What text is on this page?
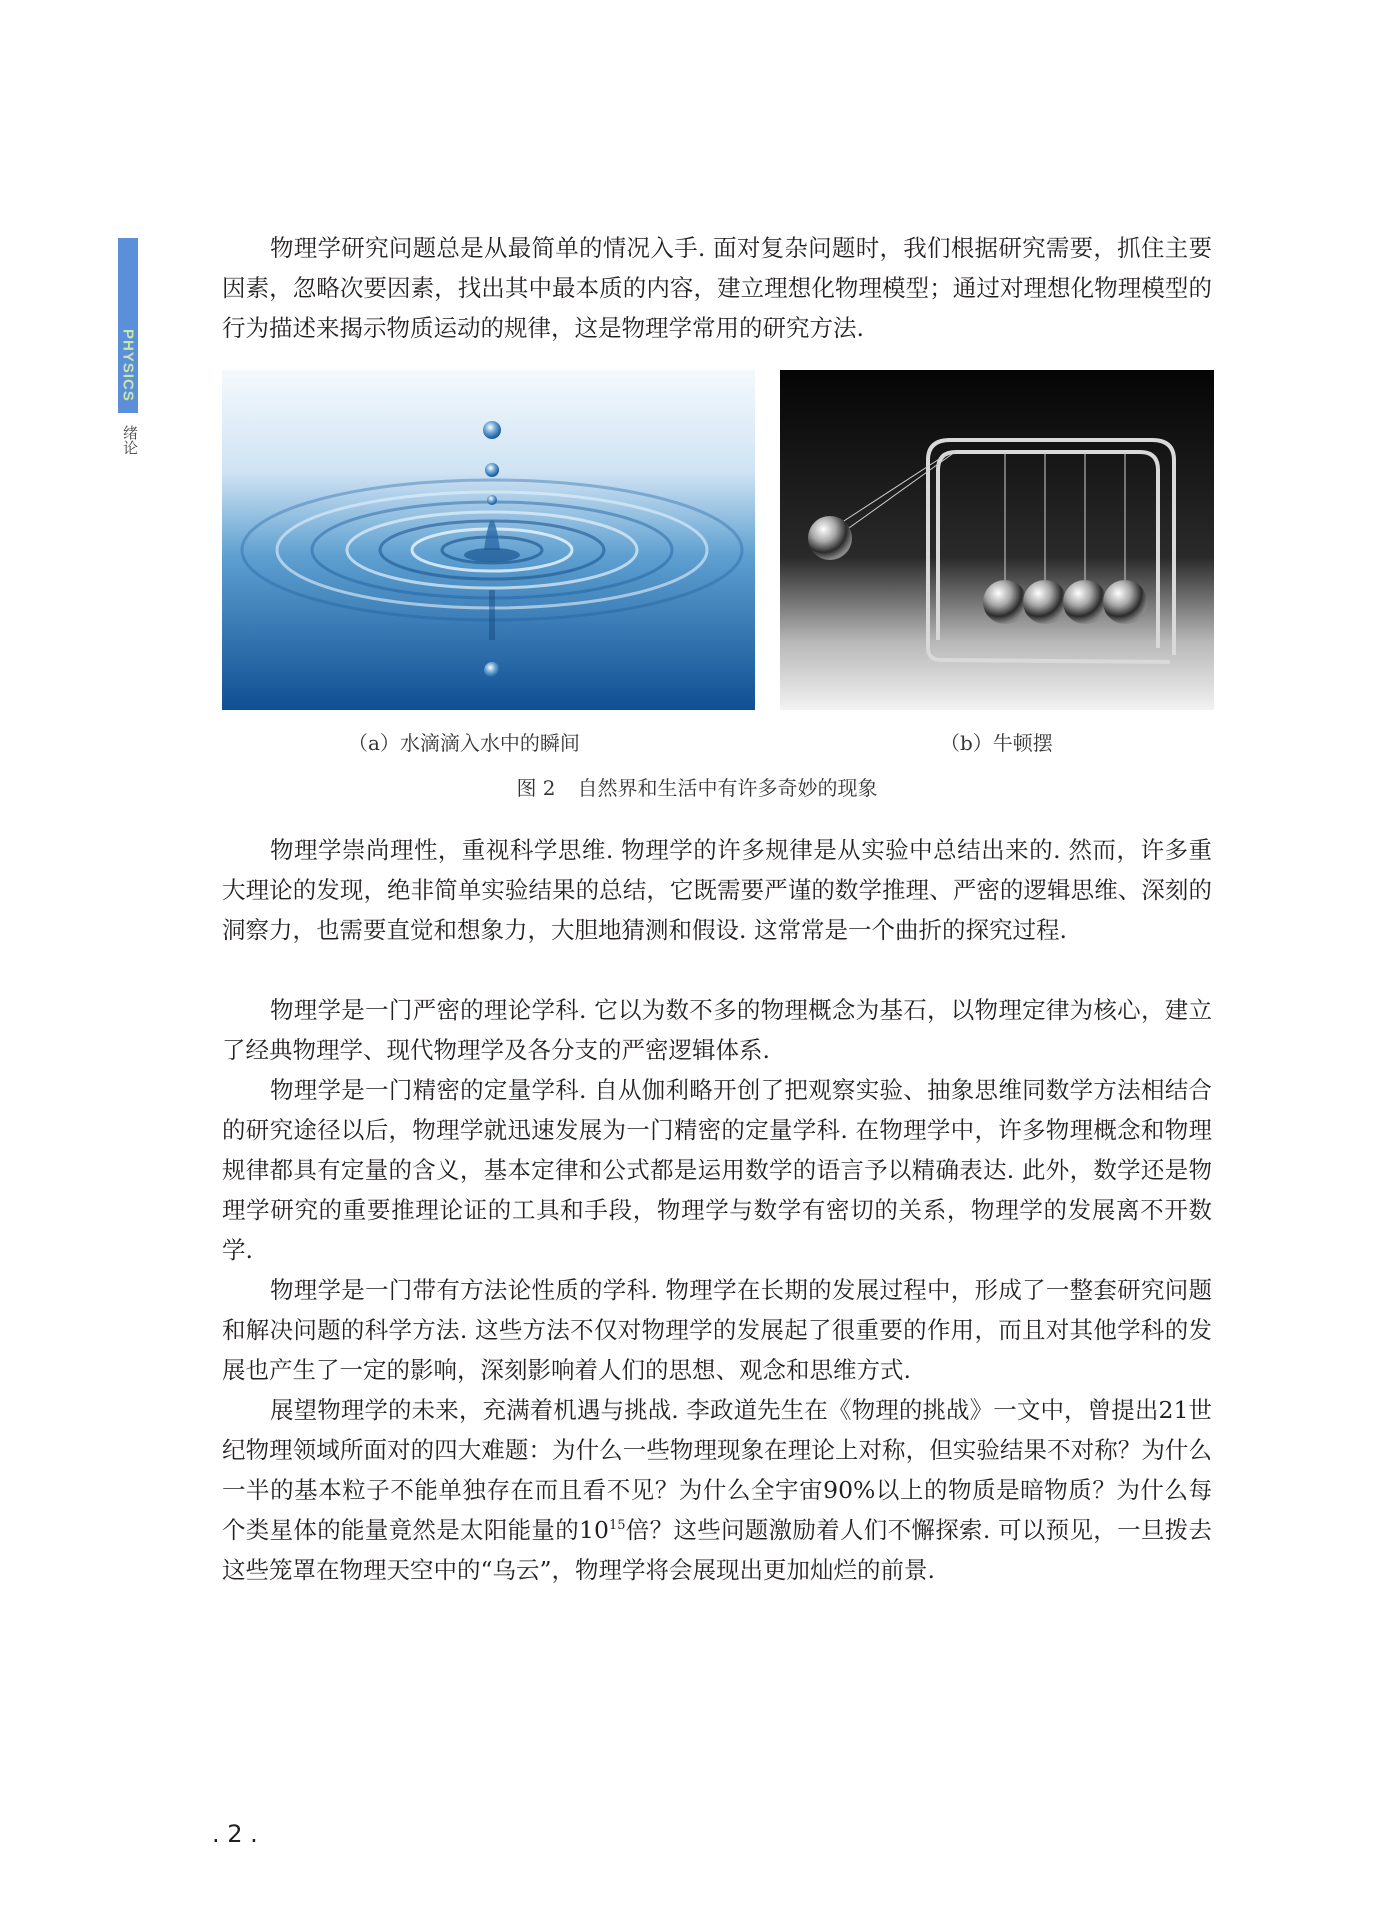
PHYSICS
绪论

物理学研究问题总是从最简单的情况入手. 面对复杂问题时，我们根据研究需要，抓住主要因素，忽略次要因素，找出其中最本质的内容，建立理想化物理模型；通过对理想化物理模型的行为描述来揭示物质运动的规律，这是物理学常用的研究方法.

（a）水滴滴入水中的瞬间	（b）牛顿摆
图 2 自然界和生活中有许多奇妙的现象

物理学崇尚理性，重视科学思维. 物理学的许多规律是从实验中总结出来的. 然而，许多重大理论的发现，绝非简单实验结果的总结，它既需要严谨的数学推理、严密的逻辑思维、深刻的洞察力，也需要直觉和想象力，大胆地猜测和假设. 这常常是一个曲折的探究过程.

物理学是一门严密的理论学科. 它以为数不多的物理概念为基石，以物理定律为核心，建立了经典物理学、现代物理学及各分支的严密逻辑体系.

物理学是一门精密的定量学科. 自从伽利略开创了把观察实验、抽象思维同数学方法相结合的研究途径以后，物理学就迅速发展为一门精密的定量学科. 在物理学中，许多物理概念和物理规律都具有定量的含义，基本定律和公式都是运用数学的语言予以精确表达. 此外，数学还是物理学研究的重要推理论证的工具和手段，物理学与数学有密切的关系，物理学的发展离不开数学.

物理学是一门带有方法论性质的学科. 物理学在长期的发展过程中，形成了一整套研究问题和解决问题的科学方法. 这些方法不仅对物理学的发展起了很重要的作用，而且对其他学科的发展也产生了一定的影响，深刻影响着人们的思想、观念和思维方式.

展望物理学的未来，充满着机遇与挑战. 李政道先生在《物理的挑战》一文中，曾提出21世纪物理领域所面对的四大难题：为什么一些物理现象在理论上对称，但实验结果不对称？为什么一半的基本粒子不能单独存在而且看不见？为什么全宇宙90%以上的物质是暗物质？为什么每个类星体的能量竟然是太阳能量的$10^{15}$倍？这些问题激励着人们不懈探索. 可以预见，一旦拨去这些笼罩在物理天空中的“乌云”，物理学将会展现出更加灿烂的前景.

. 2 .
